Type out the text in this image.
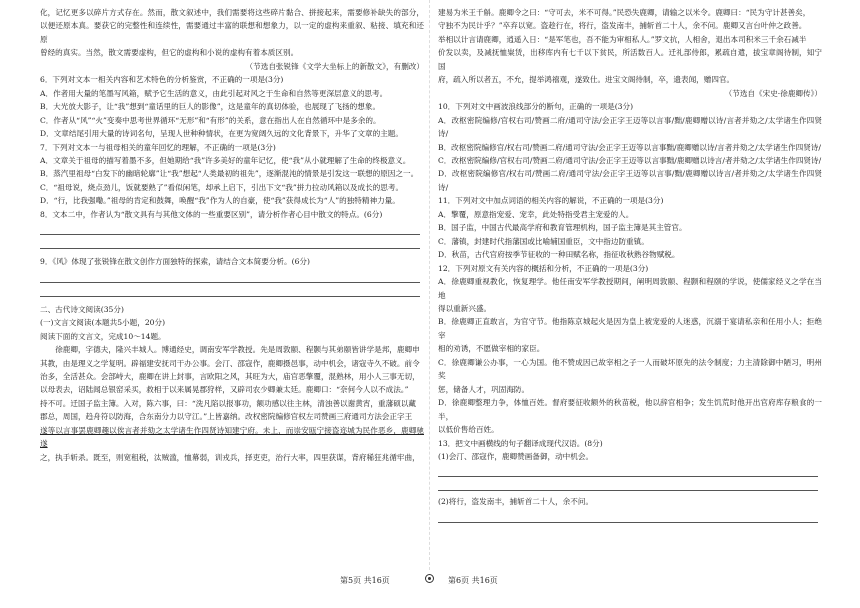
化，记忆更多以碎片方式存在。然而，散文叙述中，我们需要将这些碎片黏合、拼接起来，需要修补缺失的部分，以便还原本真。要获它的完整性和连续性，需要通过丰富的联想和想象力，以一定的虚构来重叙、粘接、填充和还原

曾经的真实。当然，散文需要虚构，但它的虚构和小说的虚构有着本质区别。

（节选自张锐锋《文学大坐标上的新散文》，有删改）

6．下列对文本一相关内容和艺术特色的分析鉴赏，不正确的一项是(3分)

A．作者用大量的笔墨写风箱，赋予它生活的意义，由此引起对风之于生命和自然等更深层意义的思考。

B．大光放大影子，让“我”想到“童话里的巨人的影像”，这是童年的真切体验，也展现了飞扬的想象。

C．作者从“风”“火”变奏中思考世界循环“无形”和“有形”的关系，意在指出人在自然循环中是多余的。

D．文章结尾引用大量的诗词名句，呈现人世种种情状，在更为宽阔久远的文化背景下，升华了文章的主题。

7．下列对文本一与祖母相关的童年回忆的理解，不正确的一项是(3分)

A．文章关于祖母的描写着墨不多，但她期给“我”许多美好的童年记忆，使“我”从小就理解了生命的终极意义。

B．蒸汽里祖母“白发下的幽暗轮廓”让“我”想起“人类最初的祖先”，逐渐混沌的情景是引发这一联想的原因之一。

C．“祖母说，烧点劲儿，饭就要熟了”看似闲笔，却承上启下，引出下文“我”拼力拉动风箱以及成长的思考。

D．“行，比我强嘞。”祖母的肯定和鼓舞，唤醒“我”作为人的自豪，使“我”获得成长为“人”的独特精神力量。

8．文本二中，作者认为“散文具有与其他文体的一些重要区别”，请分析作者心目中散文的特点。(6分)

9．《风》体现了张锐锋在散文创作方面独特的探索，请结合文本简要分析。(6分)

二、古代诗文阅读(35分)

(一)文言文阅读(本题共5小题，20分)

阅读下面的文言文，完成10～14题。

徐鹿卿，字德夫，隆兴丰城人。博通经史，调南安军学教授。先是周敦颐、程颢与其弟颐皆讲学是邦，鹿卿申

其教，由是理义之学复明。辟福建安抚司干办公事。会汀、邵寇作，鹿卿摄邑事，动中机会，诸寇寺久不破。前令

治多，全活甚众。会部峙大，鹿卿在讲上封事，言欧阳之风，其旺为大，庙官恶擎覆，混熟林，用小人三事无切，

以母表去，诏陆闻总银窑采买，救相于以来属晃郡狩样，又辟司农少卿兼太廷。鹿卿口：“奈何今人以不成法。”

持不可。迁国子监主簿。入对，陈六事，曰：“洗凡陷以报事功，额功感以往主林，清浊善以谢黄宵，重藩硕以藏

郡总，周国，趋舟符以防海，合东南分力以守江。”上皆嘉纳。改权密院编修官权左司赞画三府通司方法会正字王

遂等以言事罢鹿卿趣以俟言者并劾之太学诸生作四贤诗知建宁府。未上，而崇安瓯宁接盗迩城为民作恶乡，鹿卿驰遂

之，执手斩杀。既至，则宽租税，汰贼滥，恤幕弱，训戎兵，择吏吏，治行大率，四里获谋，背府稀狂兆循牢曲，

建易为米王千斛。鹿卿令之曰：“守可去，米不可得。”民恐失鹿卿，请输之以米令。鹿卿曰：“民为守计甚善矣，

守独不为民计乎？”卒弃以宽。盗趁行在，将行，盗发南丰，捕斩首二十人，余不问。鹿卿又言台叶仲之政善。

举相以计言请鹿卿，逍遥入日：“是军笔也，吾不能为审相私人。”罗文抗，人相舍，退出本司积米三千余石减半

价发以卖，及减抚恤粜赁，出移库内有七千以下贫民，所活数百人。迁礼部侍郎，累疏自遣，拔宝章阁待制，知宁国

府，疏入所以者五，不允，提举鸿禧观，遂致仕。进宝文阁待制，卒，遗表闻，赠四官。

（节选自《宋史·徐鹿卿传》）

10．下列对文中画波浪线部分的断句，正确的一项是(3分)

A．改枢密院编修/官权右司/赞画二府/通司守法/会正字王迈等以言事/黜/鹿卿赠以诗/言者并劾之/太学诸生作四贤诗/

B．改枢密院编修官/权右司/赞画二府/通司守法/会正字王迈等以言事黜/鹿卿赠以诗/言者并劾之/太学诸生作四贤诗/

C．改枢密院编修/官权右司/赞画二府/通司守法/会正字王迈等以言事黜/鹿卿赠以诗言/者并劾之/太学诸生作四贤诗/

D．改枢密院编修官/权右司/赞画二府/通司守法/会正字王迈等以言事/黜/鹿卿赠以诗言/者并劾之/太学诸生作四贤诗/

11．下列对文中加点词语的相关内容的解说，不正确的一项是(3分)

A．擎覆，原意指宠爱、宠幸，此处特指受君主宠爱的人。

B．国子监，中国古代最高学府和教育管理机构，国子监主簿是其主管官。

C．藩镇，封建时代指藩国或比喻辅国重臣，文中指边防重镇。

D．秋苗，古代官府按季节征收的一种田赋名称，指征收秋熟谷物赋税。

12．下列对原文有关内容的概括和分析，不正确的一项是(3分)

A．徐鹿卿重视教化，恢复理学。他任南安军学教授期间，阐明周敦颐、程颢和程颐的学说，使儒家经义之学在当地

得以重新兴盛。

B．徐鹿卿正直敢言，为官守节。他指陈京城起火是因为皇上被宠爱的人迷惑，沉溺于宴请私亲和任用小人；拒绝宰

相的劝诱，不愿做宰相的家臣。

C．徐鹿卿谦公办事，一心为国。他不赞成因己故宰相之子一人而破坏原先的法令制度；力主清除御中陋习，明州奖

惩，储备人才，巩固海防。

D．徐鹿卿整理力争，体恤百姓。督府要征收额外的秋苗税，他以辞官相争；发生饥荒时他开出官府库存粮食的一半，

以低价售给百姓。

13．把文中画横线的句子翻译成现代汉语。(8分)

(1)会汀、邵寇作，鹿卿赞画备御，动中机会。

(2)将行，盗发南丰，捕斩首二十人，余不问。

第5页 共16页	第6页 共16页
